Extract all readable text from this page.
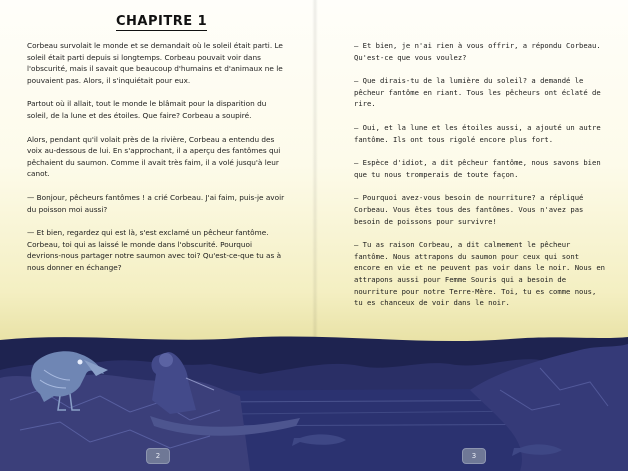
CHAPITRE 1

Corbeau survolait le monde et se demandait où le soleil était parti. Le soleil était parti depuis si longtemps. Corbeau pouvait voir dans l'obscurité, mais il savait que beaucoup d'humains et d'animaux ne le pouvaient pas. Alors, il s'inquiétait pour eux.

Partout où il allait, tout le monde le blâmait pour la disparition du soleil, de la lune et des étoiles. Que faire? Corbeau a soupiré.

Alors, pendant qu'il volait près de la rivière, Corbeau a entendu des voix au-dessous de lui. En s'approchant, il a aperçu des fantômes qui pêchaient du saumon. Comme il avait très faim, il a volé jusqu'à leur canot.

— Bonjour, pêcheurs fantômes ! a crié Corbeau. J'ai faim, puis-je avoir du poisson moi aussi?

— Et bien, regardez qui est là, s'est exclamé un pêcheur fantôme. Corbeau, toi qui as laissé le monde dans l'obscurité. Pourquoi devrions-nous partager notre saumon avec toi? Qu'est-ce-que tu as à nous donner en échange?

— Et bien, je n'ai rien à vous offrir, a répondu Corbeau. Qu'est-ce que vous voulez?

— Que dirais-tu de la lumière du soleil? a demandé le pêcheur fantôme en riant. Tous les pêcheurs ont éclaté de rire.

— Oui, et la lune et les étoiles aussi, a ajouté un autre fantôme. Ils ont tous rigolé encore plus fort.

— Espèce d'idiot, a dit pêcheur fantôme, nous savons bien que tu nous tromperais de toute façon.

— Pourquoi avez-vous besoin de nourriture? a répliqué Corbeau. Vous êtes tous des fantômes. Vous n'avez pas besoin de poissons pour survivre!

— Tu as raison Corbeau, a dit calmement le pêcheur fantôme. Nous attrapons du saumon pour ceux qui sont encore en vie et ne peuvent pas voir dans le noir. Nous en attrapons aussi pour Femme Souris qui a besoin de nourriture pour notre Terre-Mère. Toi, tu es comme nous, tu es chanceux de voir dans le noir.

2	3
